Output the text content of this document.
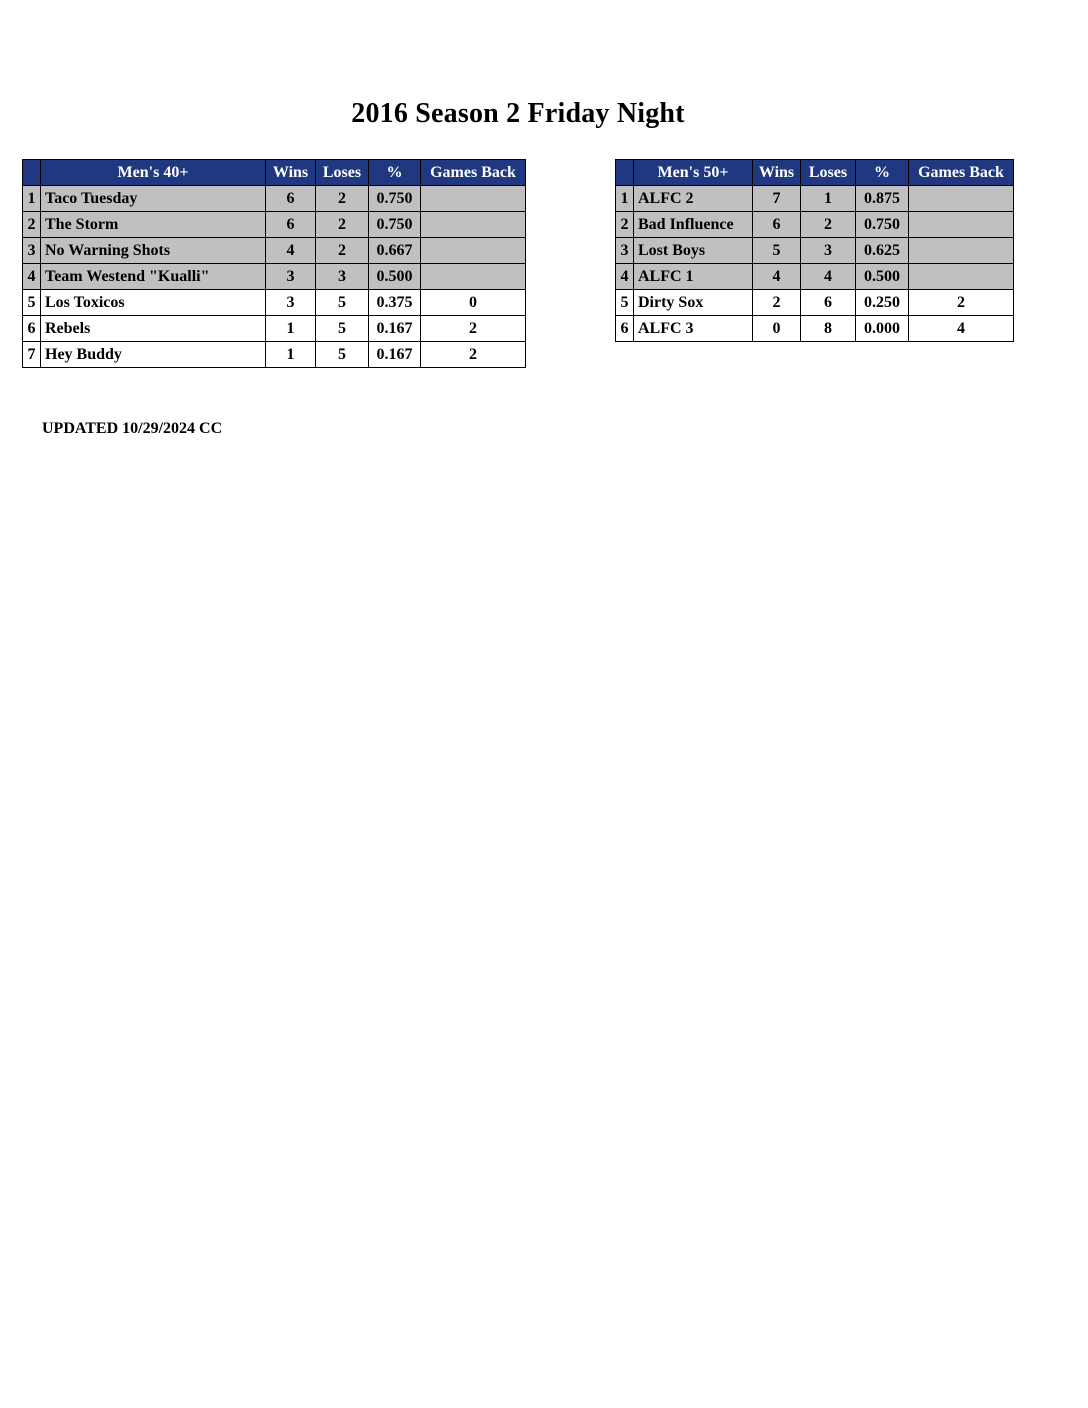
2016 Season 2 Friday Night
	Men's 40+	Wins	Loses	%	Games Back
1	Taco Tuesday	6	2	0.750	
2	The Storm	6	2	0.750	
3	No Warning Shots	4	2	0.667	
4	Team Westend "Kualli"	3	3	0.500	
5	Los Toxicos	3	5	0.375	0
6	Rebels	1	5	0.167	2
7	Hey Buddy	1	5	0.167	2
	Men's 50+	Wins	Loses	%	Games Back
1	ALFC 2	7	1	0.875	
2	Bad Influence	6	2	0.750	
3	Lost Boys	5	3	0.625	
4	ALFC 1	4	4	0.500	
5	Dirty Sox	2	6	0.250	2
6	ALFC 3	0	8	0.000	4
UPDATED 10/29/2024 CC
